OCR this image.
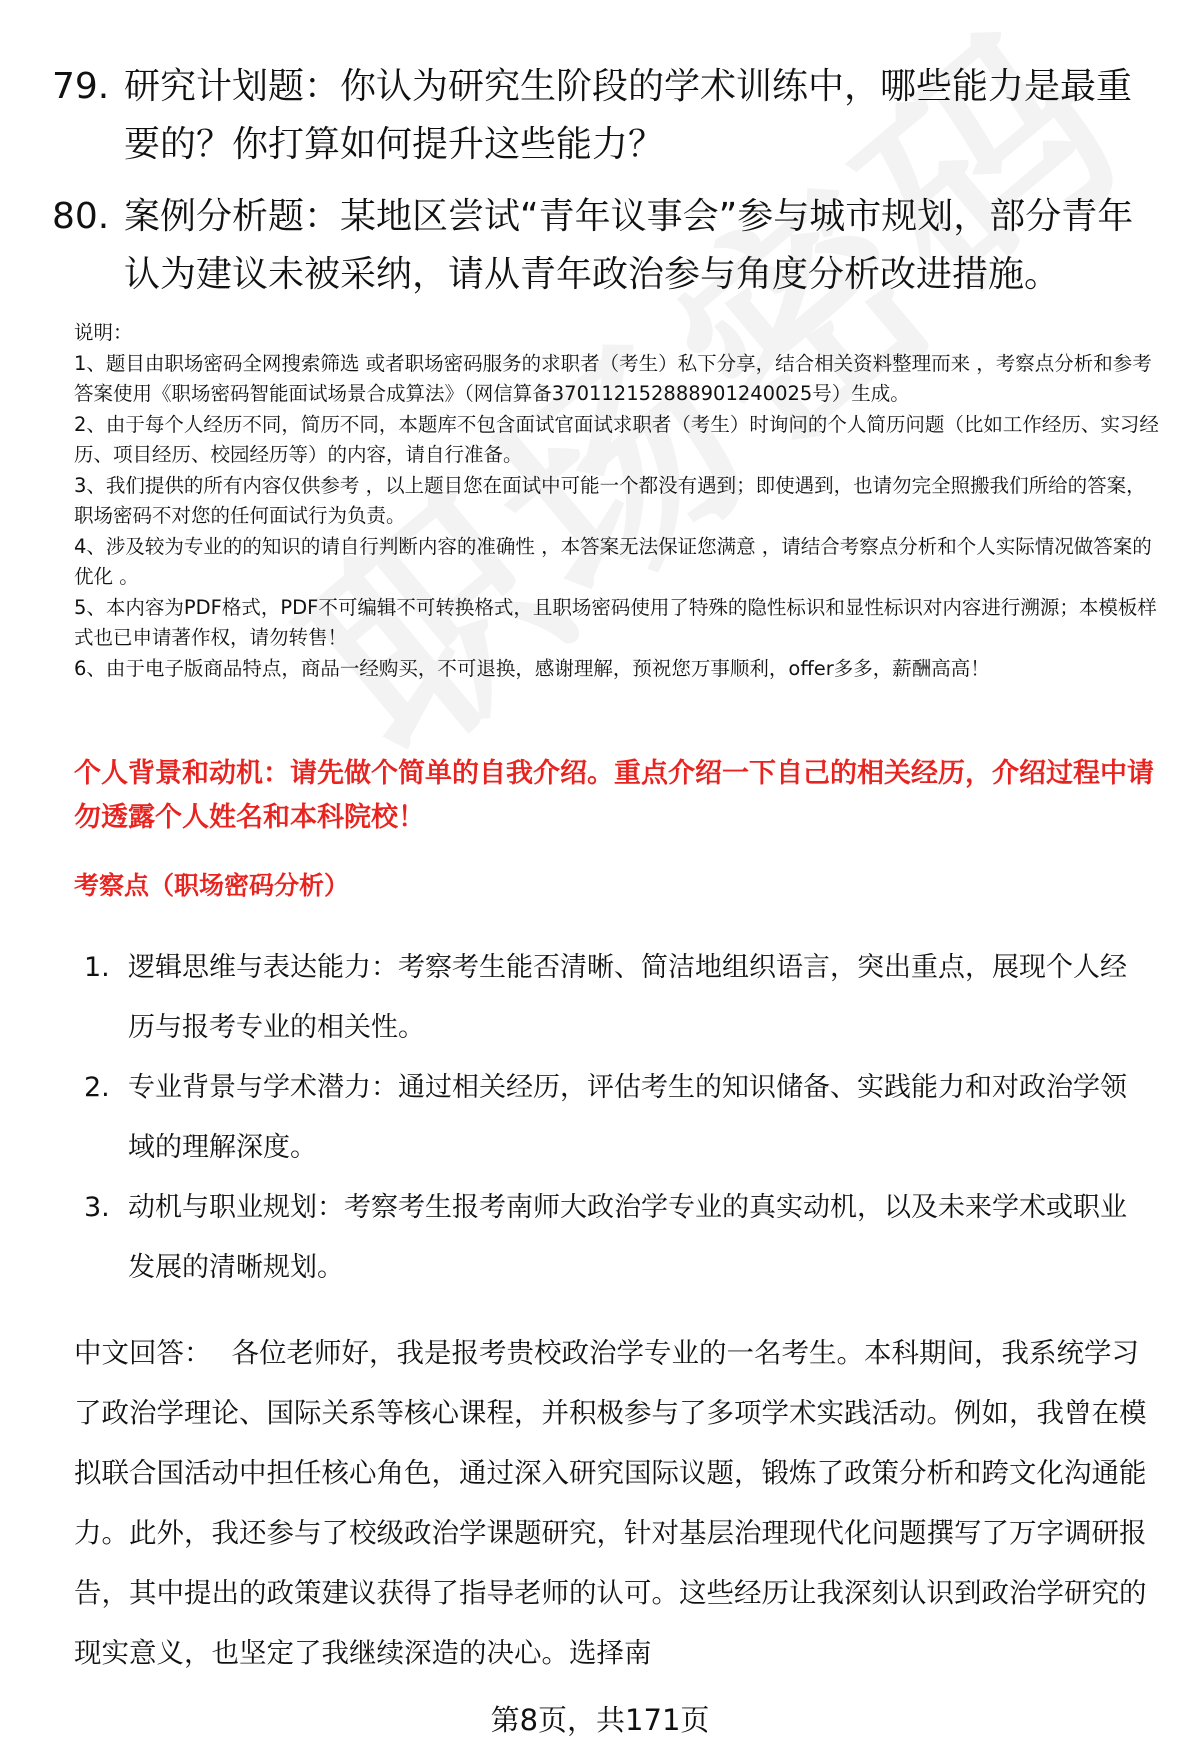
79. 研究计划题：你认为研究生阶段的学术训练中，哪些能力是最重要的？你打算如何提升这些能力？
80. 案例分析题：某地区尝试“青年议事会”参与城市规划，部分青年认为建议未被采纳，请从青年政治参与角度分析改进措施。

说明：

1、题目由职场密码全网搜索筛选 或者职场密码服务的求职者（考生）私下分享，结合相关资料整理而来 ，考察点分析和参考答案使用《职场密码智能面试场景合成算法》（网信算备370112152888901240025号）生成。

2、由于每个人经历不同，简历不同，本题库不包含面试官面试求职者（考生）时询问的个人简历问题（比如工作经历、实习经历、项目经历、校园经历等）的内容，请自行准备。

3、我们提供的所有内容仅供参考 ，以上题目您在面试中可能一个都没有遇到；即使遇到，也请勿完全照搬我们所给的答案，职场密码不对您的任何面试行为负责。

4、涉及较为专业的的知识的请自行判断内容的准确性 ，本答案无法保证您满意 ，请结合考察点分析和个人实际情况做答案的优化 。

5、本内容为PDF格式，PDF不可编辑不可转换格式，且职场密码使用了特殊的隐性标识和显性标识对内容进行溯源；本模板样式也已申请著作权，请勿转售！

6、由于电子版商品特点，商品一经购买，不可退换，感谢理解，预祝您万事顺利，offer多多，薪酬高高！

个人背景和动机：请先做个简单的自我介绍。重点介绍一下自己的相关经历，介绍过程中请勿透露个人姓名和本科院校！
考察点（职场密码分析）
1. 逻辑思维与表达能力：考察考生能否清晰、简洁地组织语言，突出重点，展现个人经历与报考专业的相关性。
2. 专业背景与学术潜力：通过相关经历，评估考生的知识储备、实践能力和对政治学领域的理解深度。
3. 动机与职业规划：考察考生报考南师大政治学专业的真实动机，以及未来学术或职业发展的清晰规划。
中文回答： 各位老师好，我是报考贵校政治学专业的一名考生。本科期间，我系统学习了政治学理论、国际关系等核心课程，并积极参与了多项学术实践活动。例如，我曾在模拟联合国活动中担任核心角色，通过深入研究国际议题，锻炼了政策分析和跨文化沟通能力。此外，我还参与了校级政治学课题研究，针对基层治理现代化问题撰写了万字调研报告，其中提出的政策建议获得了指导老师的认可。这些经历让我深刻认识到政治学研究的现实意义，也坚定了我继续深造的决心。选择南
第8页，共171页
